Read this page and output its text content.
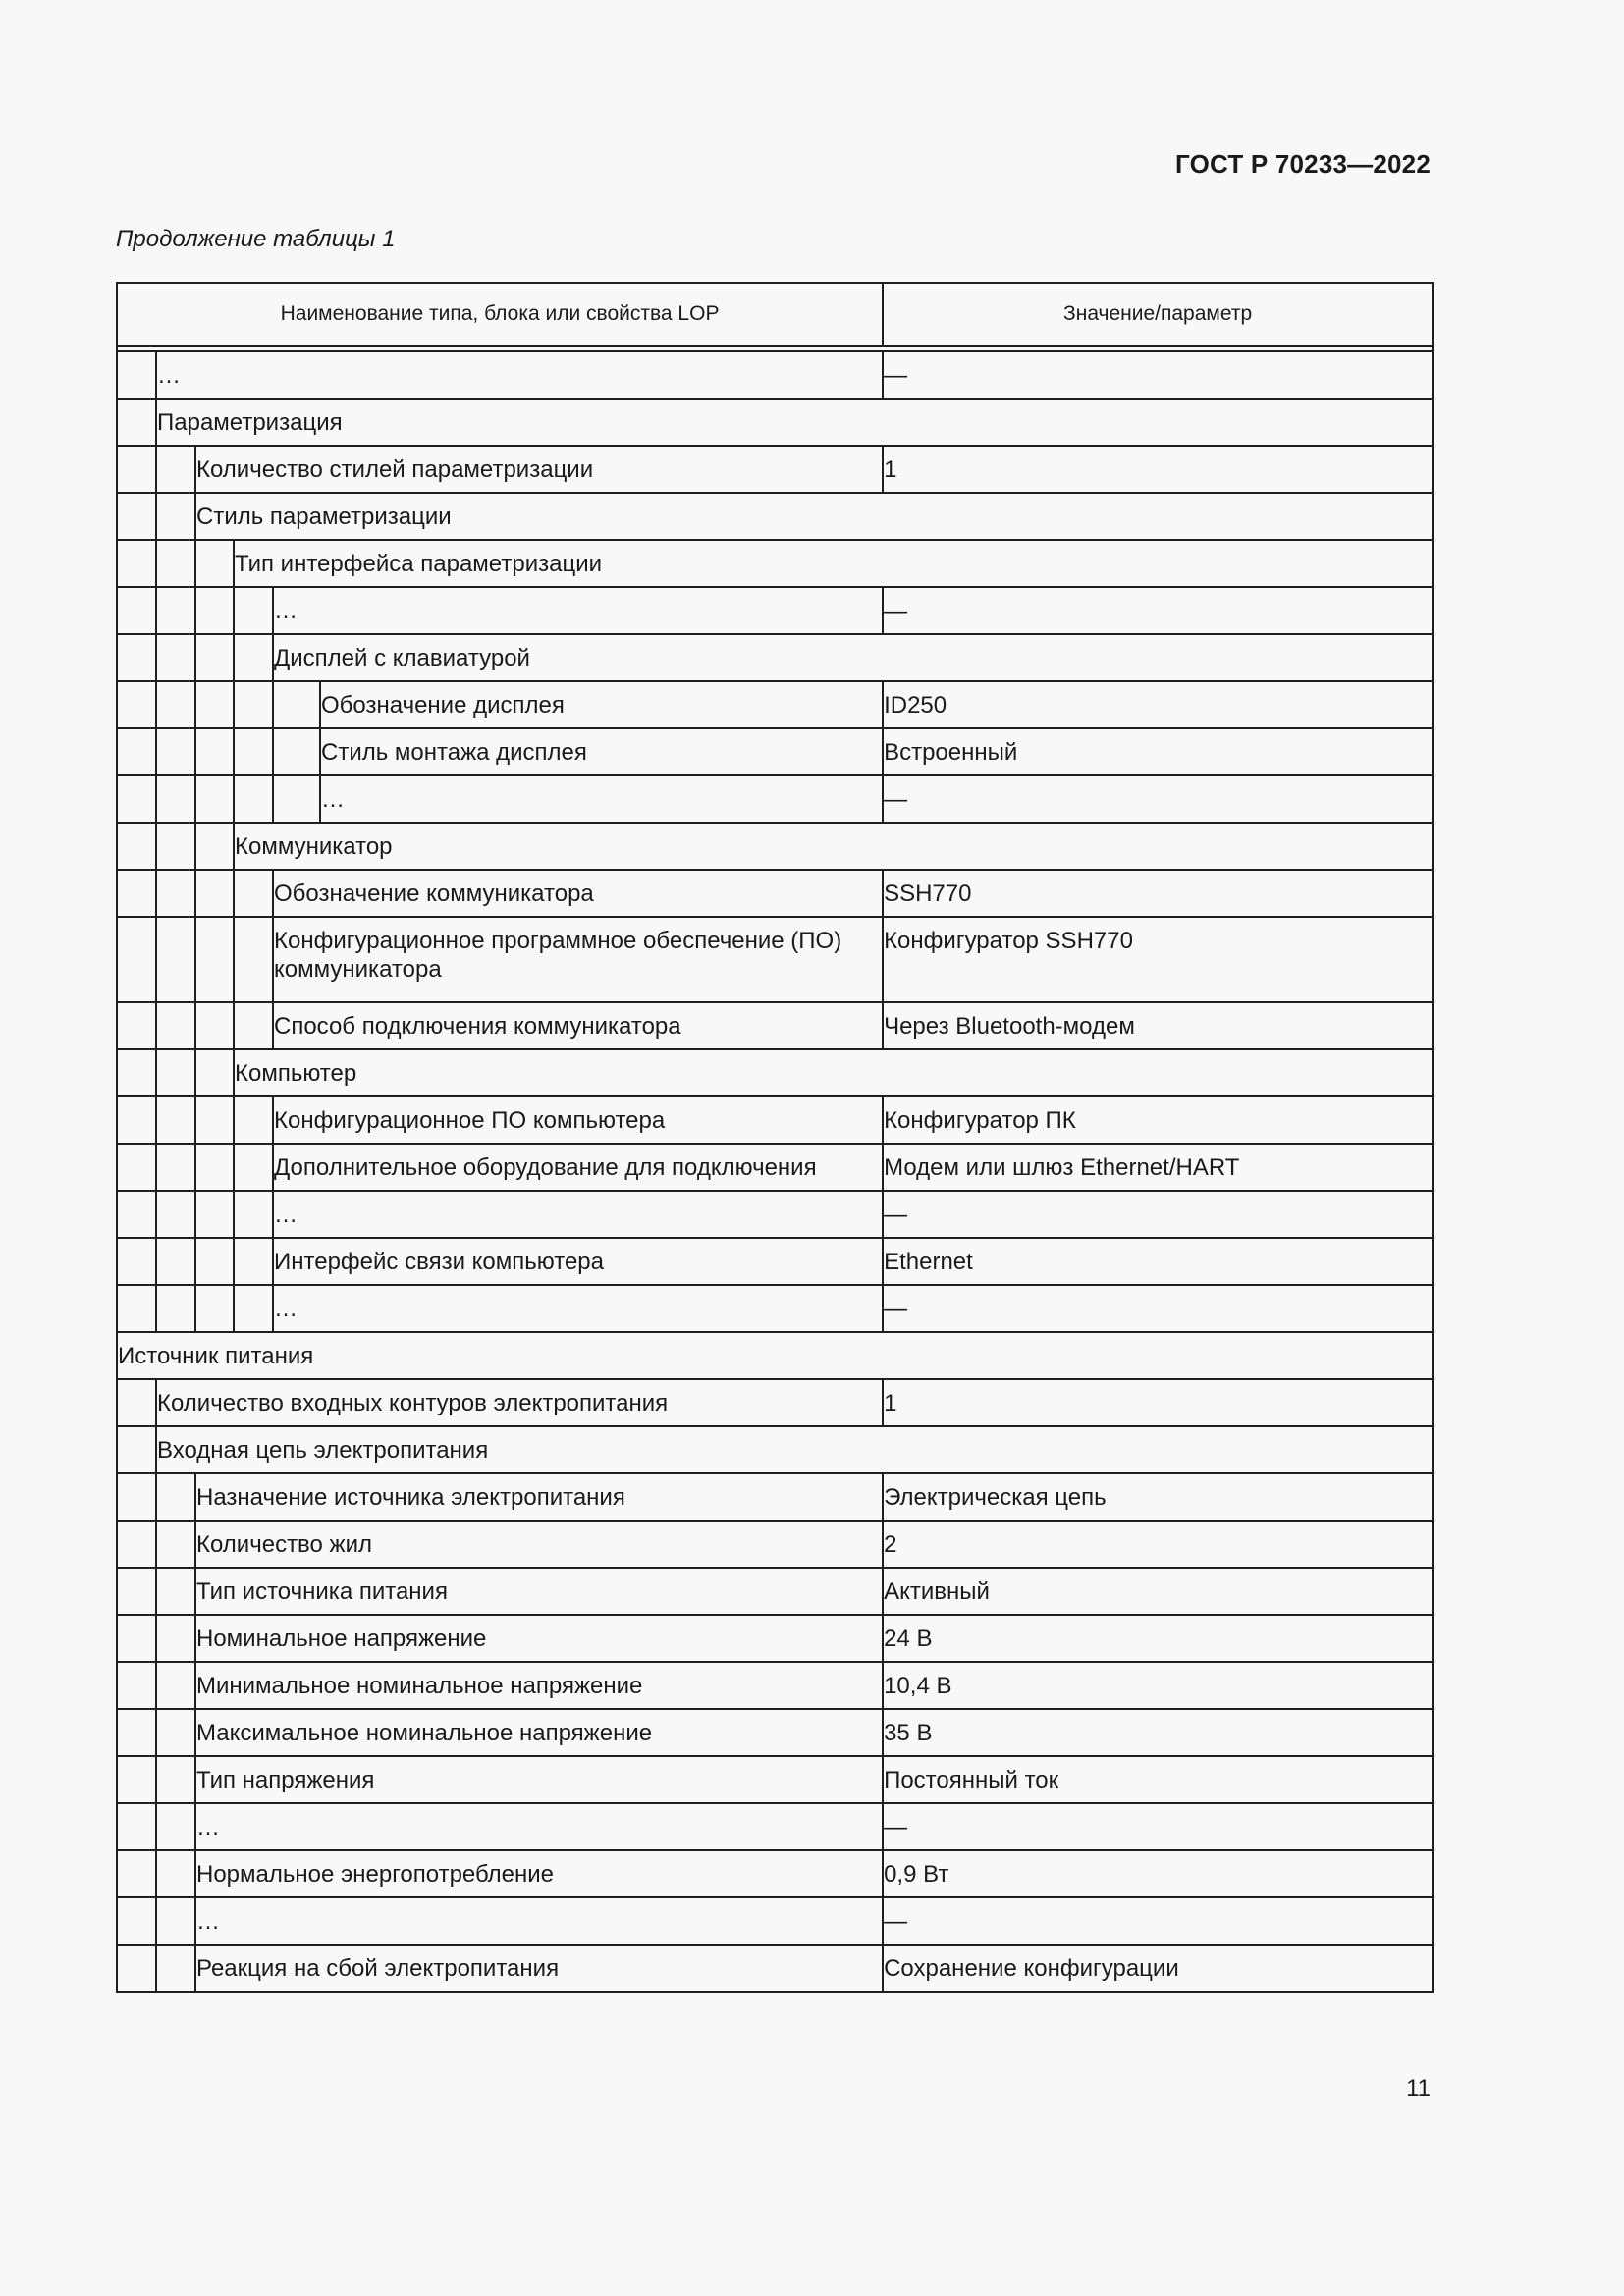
ГОСТ Р 70233—2022
Продолжение таблицы 1
Наименование типа, блока или свойства LOP						Значение/параметр

	…					—
	Параметризация					
		Количество стилей параметризации				1
		Стиль параметризации				
			Тип интерфейса параметризации			
				…		—
				Дисплей с клавиатурой		
					Обозначение дисплея	ID250
					Стиль монтажа дисплея	Встроенный
					…	—
			Коммуникатор			
				Обозначение коммуникатора		SSH770
				Конфигурационное программное обеспечение (ПО) коммуникатора		Конфигуратор SSH770
				Способ подключения коммуникатора		Через Bluetooth-модем
			Компьютер			
				Конфигурационное ПО компьютера		Конфигуратор ПК
				Дополнительное оборудование для подключения		Модем или шлюз Ethernet/HART
				…		—
				Интерфейс связи компьютера		Ethernet
				…		—
Источник питания						
	Количество входных контуров электропитания					1
	Входная цепь электропитания					
		Назначение источника электропитания				Электрическая цепь
		Количество жил				2
		Тип источника питания				Активный
		Номинальное напряжение				24 В
		Минимальное номинальное напряжение				10,4 В
		Максимальное номинальное напряжение				35 В
		Тип напряжения				Постоянный ток
		…				—
		Нормальное энергопотребление				0,9 Вт
		…				—
		Реакция на сбой электропитания				Сохранение конфигурации
11
